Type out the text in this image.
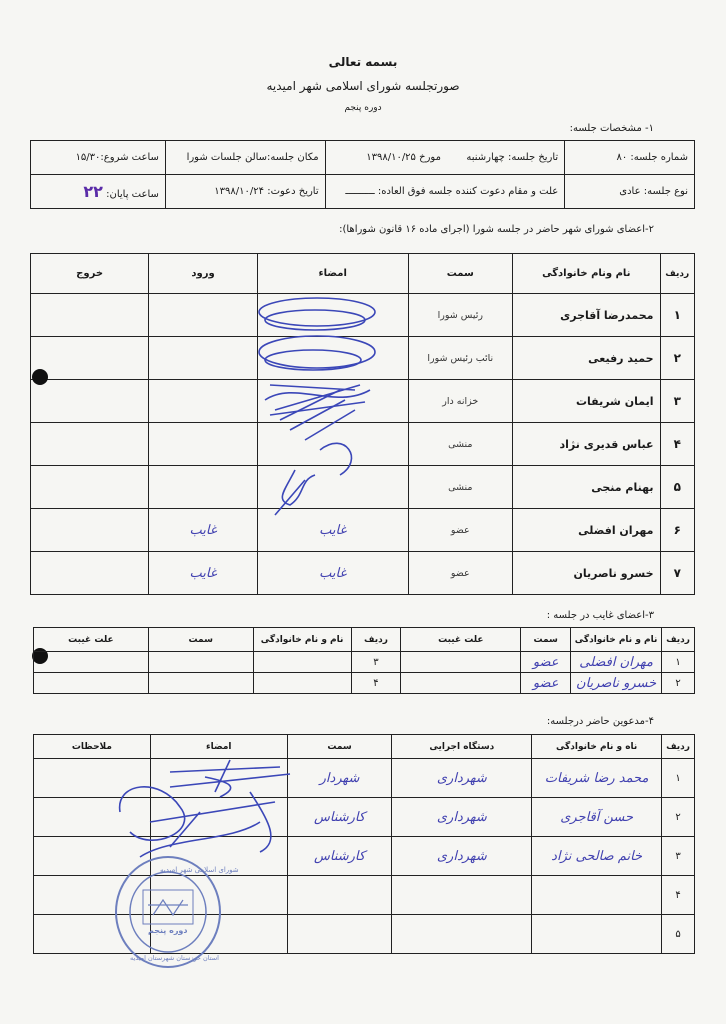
بسمه تعالی
صورتجلسه شورای اسلامی شهر امیدیه
دوره پنجم
۱- مشخصات جلسه:
شماره جلسه: ۸۰	تاریخ جلسه: چهارشنبه        مورخ ۱۳۹۸/۱۰/۲۵	مکان جلسه:سالن جلسات شورا	ساعت شروع:۱۵/۳۰
نوع جلسه: عادی	علت و مقام دعوت کننده جلسه فوق العاده: ــــــــــ	تاریخ دعوت: ۱۳۹۸/۱۰/۲۴	ساعت پایان: ۲۲
۲-اعضای شورای شهر حاضر در جلسه شورا (اجرای ماده ۱۶ قانون شوراها):
ردیف	نام ونام خانوادگی	سمت	امضاء	ورود	خروج
۱	محمدرضا آقاجری	رئیس شورا			
۲	حمید رفیعی	نائب رئیس شورا			
۳	ایمان شریفات	خزانه دار			
۴	عباس قدیری نژاد	منشی			
۵	بهنام منجی	منشی			
۶	مهران افضلی	عضو	غایب	غایب	
۷	خسرو ناصریان	عضو	غایب	غایب	
۳-اعضای غایب در جلسه :
ردیف	نام و نام خانوادگی	سمت	علت غیبت	ردیف	نام و نام خانوادگی	سمت	علت غیبت
۱	مهران افضلی	عضو		۳			
۲	خسرو ناصریان	عضو		۴			
۴-مدعوین حاضر درجلسه:
ردیف	ناه و نام خانوادگی	دستگاه اجرایی	سمت	امضاء	ملاحظات
۱	محمد رضا شریفات	شهرداری	شهردار		
۲	حسن آقاجری	شهرداری	کارشناس		
۳	خانم صالحی نژاد	شهرداری	کارشناس		
۴					
۵					
شورای اسلامی شهر امیدیه
دوره پنجم
استان خوزستان شهرستان امیدیه
